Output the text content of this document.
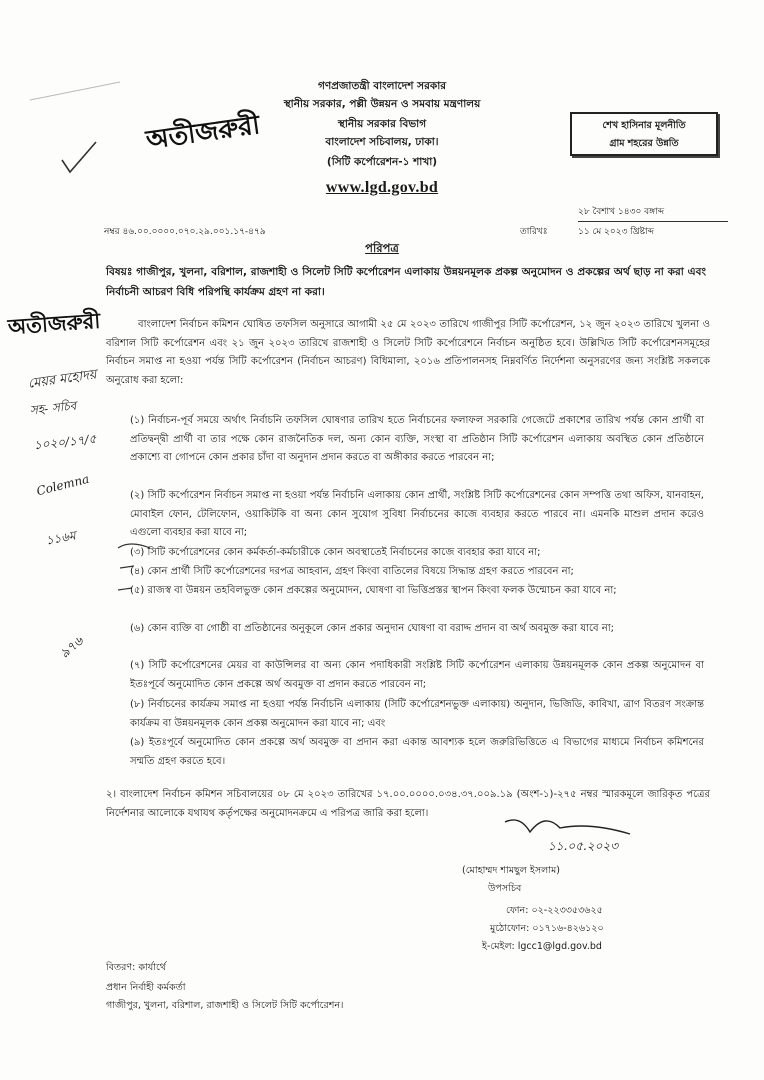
গণপ্রজাতন্ত্রী বাংলাদেশ সরকার
স্থানীয় সরকার, পল্লী উন্নয়ন ও সমবায় মন্ত্রণালয়
স্থানীয় সরকার বিভাগ
বাংলাদেশ সচিবালয়, ঢাকা।
(সিটি কর্পোরেশন-১ শাখা)
www.lgd.gov.bd
শেখ হাসিনার মূলনীতি
গ্রাম শহরের উন্নতি
অতীজরুরী
অতীজরুরী
নম্বর ৪৬.০০.০০০০.০৭০.২৯.০০১.১৭-৪৭৯
২৮ বৈশাখ ১৪৩০ বঙ্গাব্দ
তারিখঃ	১১ মে ২০২৩ খ্রিষ্টাব্দ
পরিপত্র
বিষয়ঃ গাজীপুর, খুলনা, বরিশাল, রাজশাহী ও সিলেট সিটি কর্পোরেশন এলাকায় উন্নয়নমূলক প্রকল্প অনুমোদন ও প্রকল্পের অর্থ ছাড় না করা এবং নির্বাচনী আচরণ বিধি পরিপন্থি কার্যক্রম গ্রহণ না করা।
বাংলাদেশ নির্বাচন কমিশন ঘোষিত তফসিল অনুসারে আগামী ২৫ মে ২০২৩ তারিখে গাজীপুর সিটি কর্পোরেশন, ১২ জুন ২০২৩ তারিখে খুলনা ও বরিশাল সিটি কর্পোরেশন এবং ২১ জুন ২০২৩ তারিখে রাজশাহী ও সিলেট সিটি কর্পোরেশনে নির্বাচন অনুষ্ঠিত হবে। উল্লিখিত সিটি কর্পোরেশনসমূহের নির্বাচন সমাপ্ত না হওয়া পর্যন্ত সিটি কর্পোরেশন (নির্বাচন আচরণ) বিধিমালা, ২০১৬ প্রতিপালনসহ নিম্নবর্ণিত নির্দেশনা অনুসরণের জন্য সংশ্লিষ্ট সকলকে অনুরোধ করা হলো:
(১) নির্বাচন-পূর্ব সময়ে অর্থাৎ নির্বাচনি তফসিল ঘোষণার তারিখ হতে নির্বাচনের ফলাফল সরকারি গেজেটে প্রকাশের তারিখ পর্যন্ত কোন প্রার্থী বা প্রতিদ্বন্দ্বী প্রার্থী বা তার পক্ষে কোন রাজনৈতিক দল, অন্য কোন ব্যক্তি, সংস্থা বা প্রতিষ্ঠান সিটি কর্পোরেশন এলাকায় অবস্থিত কোন প্রতিষ্ঠানে প্রকাশ্যে বা গোপনে কোন প্রকার চাঁদা বা অনুদান প্রদান করতে বা অঙ্গীকার করতে পারবেন না;
(২) সিটি কর্পোরেশন নির্বাচন সমাপ্ত না হওয়া পর্যন্ত নির্বাচনি এলাকায় কোন প্রার্থী, সংশ্লিষ্ট সিটি কর্পোরেশনের কোন সম্পত্তি তথা অফিস, যানবাহন, মোবাইল ফোন, টেলিফোন, ওয়াকিটকি বা অন্য কোন সুযোগ সুবিধা নির্বাচনের কাজে ব্যবহার করতে পারবে না। এমনকি মাশুল প্রদান করেও এগুলো ব্যবহার করা যাবে না;
(৩) সিটি কর্পোরেশনের কোন কর্মকর্তা-কর্মচারীকে কোন অবস্থাতেই নির্বাচনের কাজে ব্যবহার করা যাবে না;
(৪) কোন প্রার্থী সিটি কর্পোরেশনের দরপত্র আহবান, গ্রহণ কিংবা বাতিলের বিষয়ে সিদ্ধান্ত গ্রহণ করতে পারবেন না;
(৫) রাজস্ব বা উন্নয়ন তহবিলভুক্ত কোন প্রকল্পের অনুমোদন, ঘোষণা বা ভিত্তিপ্রস্তর স্থাপন কিংবা ফলক উন্মোচন করা যাবে না;
(৬) কোন ব্যক্তি বা গোষ্ঠী বা প্রতিষ্ঠানের অনুকূলে কোন প্রকার অনুদান ঘোষণা বা বরাদ্দ প্রদান বা অর্থ অবমুক্ত করা যাবে না;
(৭) সিটি কর্পোরেশনের মেয়র বা কাউন্সিলর বা অন্য কোন পদাধিকারী সংশ্লিষ্ট সিটি কর্পোরেশন এলাকায় উন্নয়নমূলক কোন প্রকল্প অনুমোদন বা ইতঃপূর্বে অনুমোদিত কোন প্রকল্পে অর্থ অবমুক্ত বা প্রদান করতে পারবেন না;
(৮) নির্বাচনের কার্যক্রম সমাপ্ত না হওয়া পর্যন্ত নির্বাচনি এলাকায় (সিটি কর্পোরেশনভুক্ত এলাকায়) অনুদান, ভিজিডি, কাবিখা, ত্রাণ বিতরণ সংক্রান্ত কার্যক্রম বা উন্নয়নমূলক কোন প্রকল্প অনুমোদন করা যাবে না; এবং
(৯) ইতঃপূর্বে অনুমোদিত কোন প্রকল্পে অর্থ অবমুক্ত বা প্রদান করা একান্ত আবশ্যক হলে জরুরিভিত্তিতে এ বিভাগের মাধ্যমে নির্বাচন কমিশনের সম্মতি গ্রহণ করতে হবে।
২। বাংলাদেশ নির্বাচন কমিশন সচিবালয়ের ০৮ মে ২০২৩ তারিখের ১৭.০০.০০০০.০৩৪.৩৭.০০৯.১৯ (অংশ-১)-২৭৫ নম্বর স্মারকমূলে জারিকৃত পত্রের নির্দেশনার আলোকে যথাযথ কর্তৃপক্ষের অনুমোদনক্রমে এ পরিপত্র জারি করা হলো।
১১.০৫.২০২৩
(মোহাম্মদ শামছুল ইসলাম)
উপসচিব
ফোন: ০২-২২৩৩৫৩৬২৫
মুঠোফোন: ০১৭১৬-৪২৬১২০
ই-মেইল: lgcc1@lgd.gov.bd
বিতরণ: কার্যার্থে
প্রধান নির্বাহী কর্মকর্তা
গাজীপুর, খুলনা, বরিশাল, রাজশাহী ও সিলেট সিটি কর্পোরেশন।
মেয়র মহোদয়
সহ- সচিব
১০২০/১৭/৫
Colemna
১১৬ম
৯৭৬
